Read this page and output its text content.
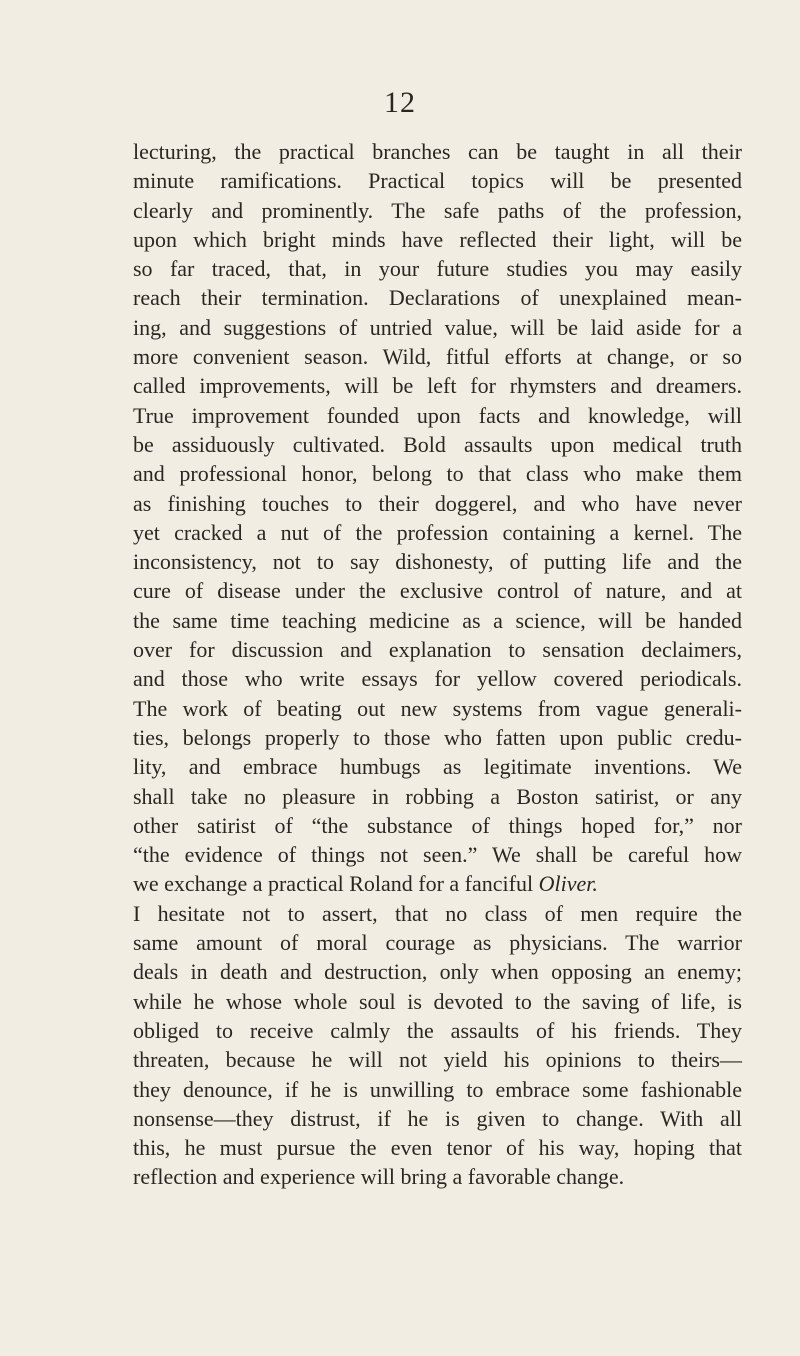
12
lecturing, the practical branches can be taught in all their
minute ramifications. Practical topics will be presented
clearly and prominently. The safe paths of the profession,
upon which bright minds have reflected their light, will be
so far traced, that, in your future studies you may easily
reach their termination. Declarations of unexplained mean-
ing, and suggestions of untried value, will be laid aside for a
more convenient season. Wild, fitful efforts at change, or so
called improvements, will be left for rhymsters and dreamers.
True improvement founded upon facts and knowledge, will
be assiduously cultivated. Bold assaults upon medical truth
and professional honor, belong to that class who make them
as finishing touches to their doggerel, and who have never
yet cracked a nut of the profession containing a kernel. The
inconsistency, not to say dishonesty, of putting life and the
cure of disease under the exclusive control of nature, and at
the same time teaching medicine as a science, will be handed
over for discussion and explanation to sensation declaimers,
and those who write essays for yellow covered periodicals.
The work of beating out new systems from vague generali-
ties, belongs properly to those who fatten upon public credu-
lity, and embrace humbugs as legitimate inventions. We
shall take no pleasure in robbing a Boston satirist, or any
other satirist of “the substance of things hoped for,” nor
“the evidence of things not seen.” We shall be careful how
we exchange a practical Roland for a fanciful Oliver.
I hesitate not to assert, that no class of men require the
same amount of moral courage as physicians. The warrior
deals in death and destruction, only when opposing an enemy;
while he whose whole soul is devoted to the saving of life, is
obliged to receive calmly the assaults of his friends. They
threaten, because he will not yield his opinions to theirs—
they denounce, if he is unwilling to embrace some fashionable
nonsense—they distrust, if he is given to change. With all
this, he must pursue the even tenor of his way, hoping that
reflection and experience will bring a favorable change.
